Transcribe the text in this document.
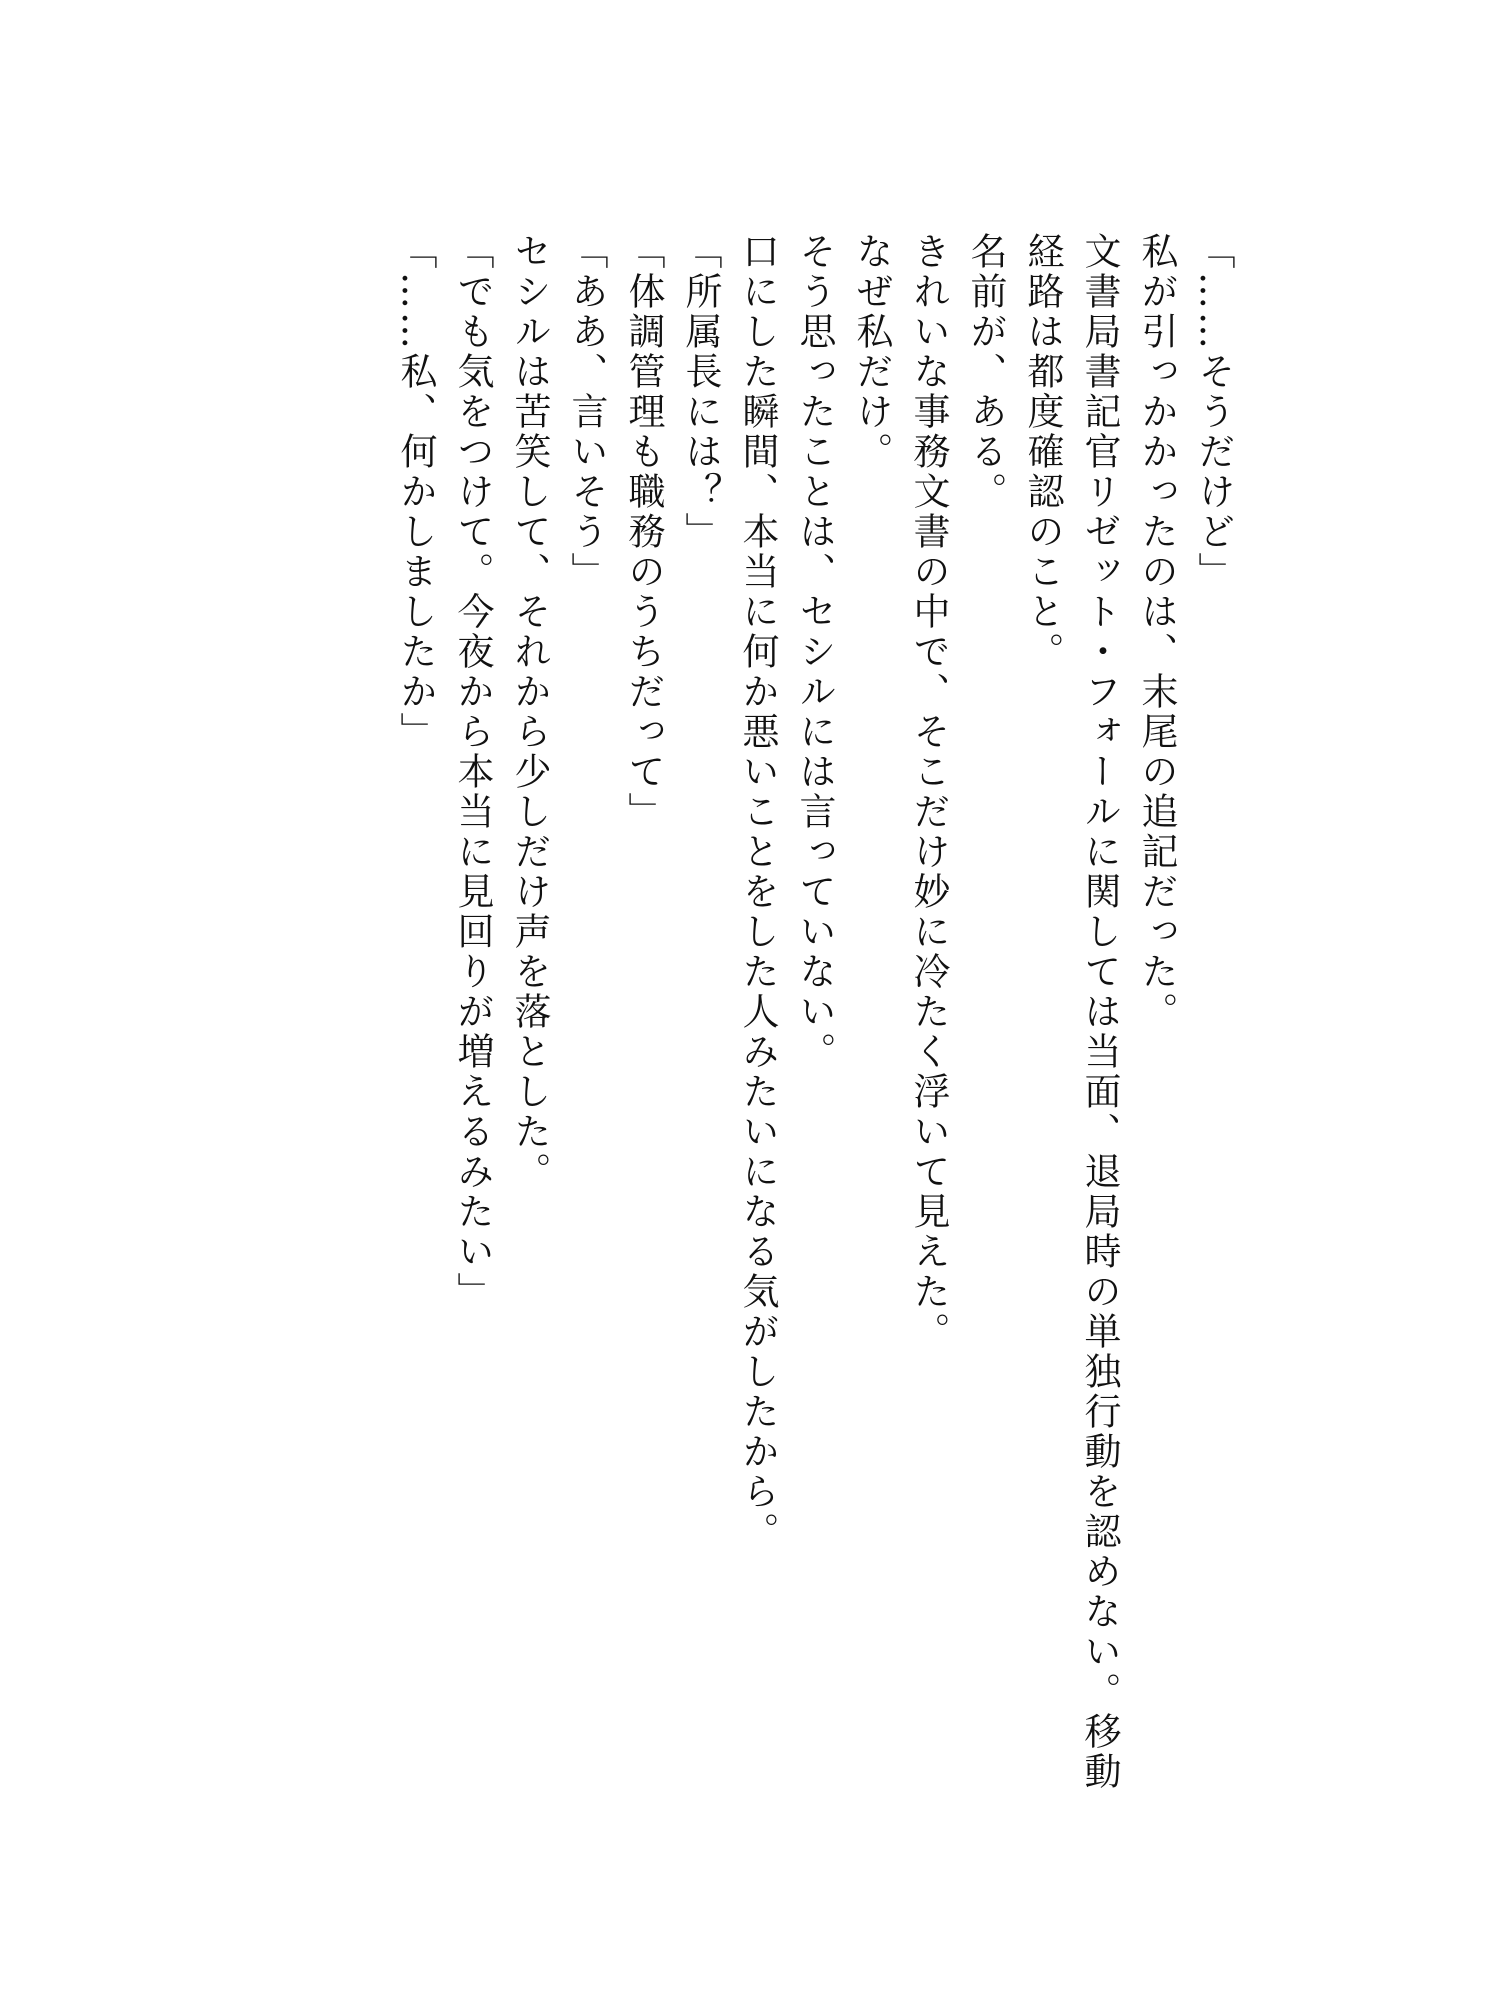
「……そうだけど」

私が引っかかったのは、末尾の追記だった。

文書局書記官リゼット・フォールに関しては当面、退局時の単独行動を認めない。移動経路は都度確認のこと。

名前が、ある。

きれいな事務文書の中で、そこだけ妙に冷たく浮いて見えた。

なぜ私だけ。

そう思ったことは、セシルには言っていない。

口にした瞬間、本当に何か悪いことをした人みたいになる気がしたから。

「所属長には？」

「体調管理も職務のうちだって」

「ああ、言いそう」

セシルは苦笑して、それから少しだけ声を落とした。

「でも気をつけて。今夜から本当に見回りが増えるみたい」

「……私、何かしましたか」
